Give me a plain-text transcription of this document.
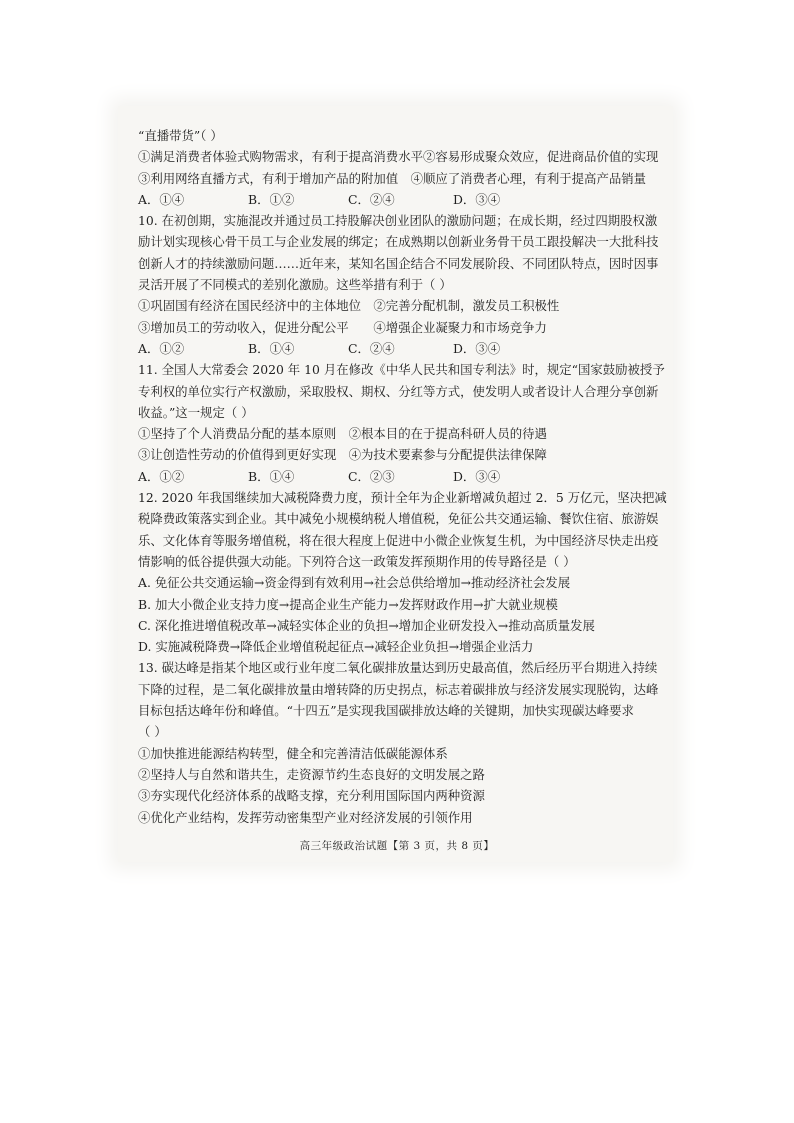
“直播带货”（ ）
①满足消费者体验式购物需求，有利于提高消费水平②容易形成聚众效应，促进商品价值的实现
③利用网络直播方式，有利于增加产品的附加值　④顺应了消费者心理，有利于提高产品销量
A．①④	B．①②	C．②④	D．③④
10. 在初创期，实施混改并通过员工持股解决创业团队的激励问题；在成长期，经过四期股权激
励计划实现核心骨干员工与企业发展的绑定；在成熟期以创新业务骨干员工跟投解决一大批科技
创新人才的持续激励问题……近年来，某知名国企结合不同发展阶段、不同团队特点，因时因事
灵活开展了不同模式的差别化激励。这些举措有利于（ ）
①巩固国有经济在国民经济中的主体地位　②完善分配机制，激发员工积极性
③增加员工的劳动收入，促进分配公平　　④增强企业凝聚力和市场竞争力
A．①②	B．①④	C．②④	D．③④
11. 全国人大常委会 2020 年 10 月在修改《中华人民共和国专利法》时，规定“国家鼓励被授予
专利权的单位实行产权激励，采取股权、期权、分红等方式，使发明人或者设计人合理分享创新
收益。”这一规定（ ）
①坚持了个人消费品分配的基本原则　②根本目的在于提高科研人员的待遇
③让创造性劳动的价值得到更好实现　④为技术要素参与分配提供法律保障
A．①②	B．①④	C．②③	D．③④
12. 2020 年我国继续加大减税降费力度，预计全年为企业新增减负超过 2．5 万亿元，坚决把减
税降费政策落实到企业。其中减免小规模纳税人增值税，免征公共交通运输、餐饮住宿、旅游娱
乐、文化体育等服务增值税，将在很大程度上促进中小微企业恢复生机，为中国经济尽快走出疫
情影响的低谷提供强大动能。下列符合这一政策发挥预期作用的传导路径是（ ）
A. 免征公共交通运输→资金得到有效利用→社会总供给增加→推动经济社会发展
B. 加大小微企业支持力度→提高企业生产能力→发挥财政作用→扩大就业规模
C. 深化推进增值税改革→减轻实体企业的负担→增加企业研发投入→推动高质量发展
D. 实施减税降费→降低企业增值税起征点→减轻企业负担→增强企业活力
13. 碳达峰是指某个地区或行业年度二氧化碳排放量达到历史最高值，然后经历平台期进入持续
下降的过程，是二氧化碳排放量由增转降的历史拐点，标志着碳排放与经济发展实现脱钩，达峰
目标包括达峰年份和峰值。“十四五”是实现我国碳排放达峰的关键期，加快实现碳达峰要求
（ ）
①加快推进能源结构转型，健全和完善清洁低碳能源体系
②坚持人与自然和谐共生，走资源节约生态良好的文明发展之路
③夯实现代化经济体系的战略支撑，充分利用国际国内两种资源
④优化产业结构，发挥劳动密集型产业对经济发展的引领作用
高三年级政治试题【第 3 页，共 8 页】
